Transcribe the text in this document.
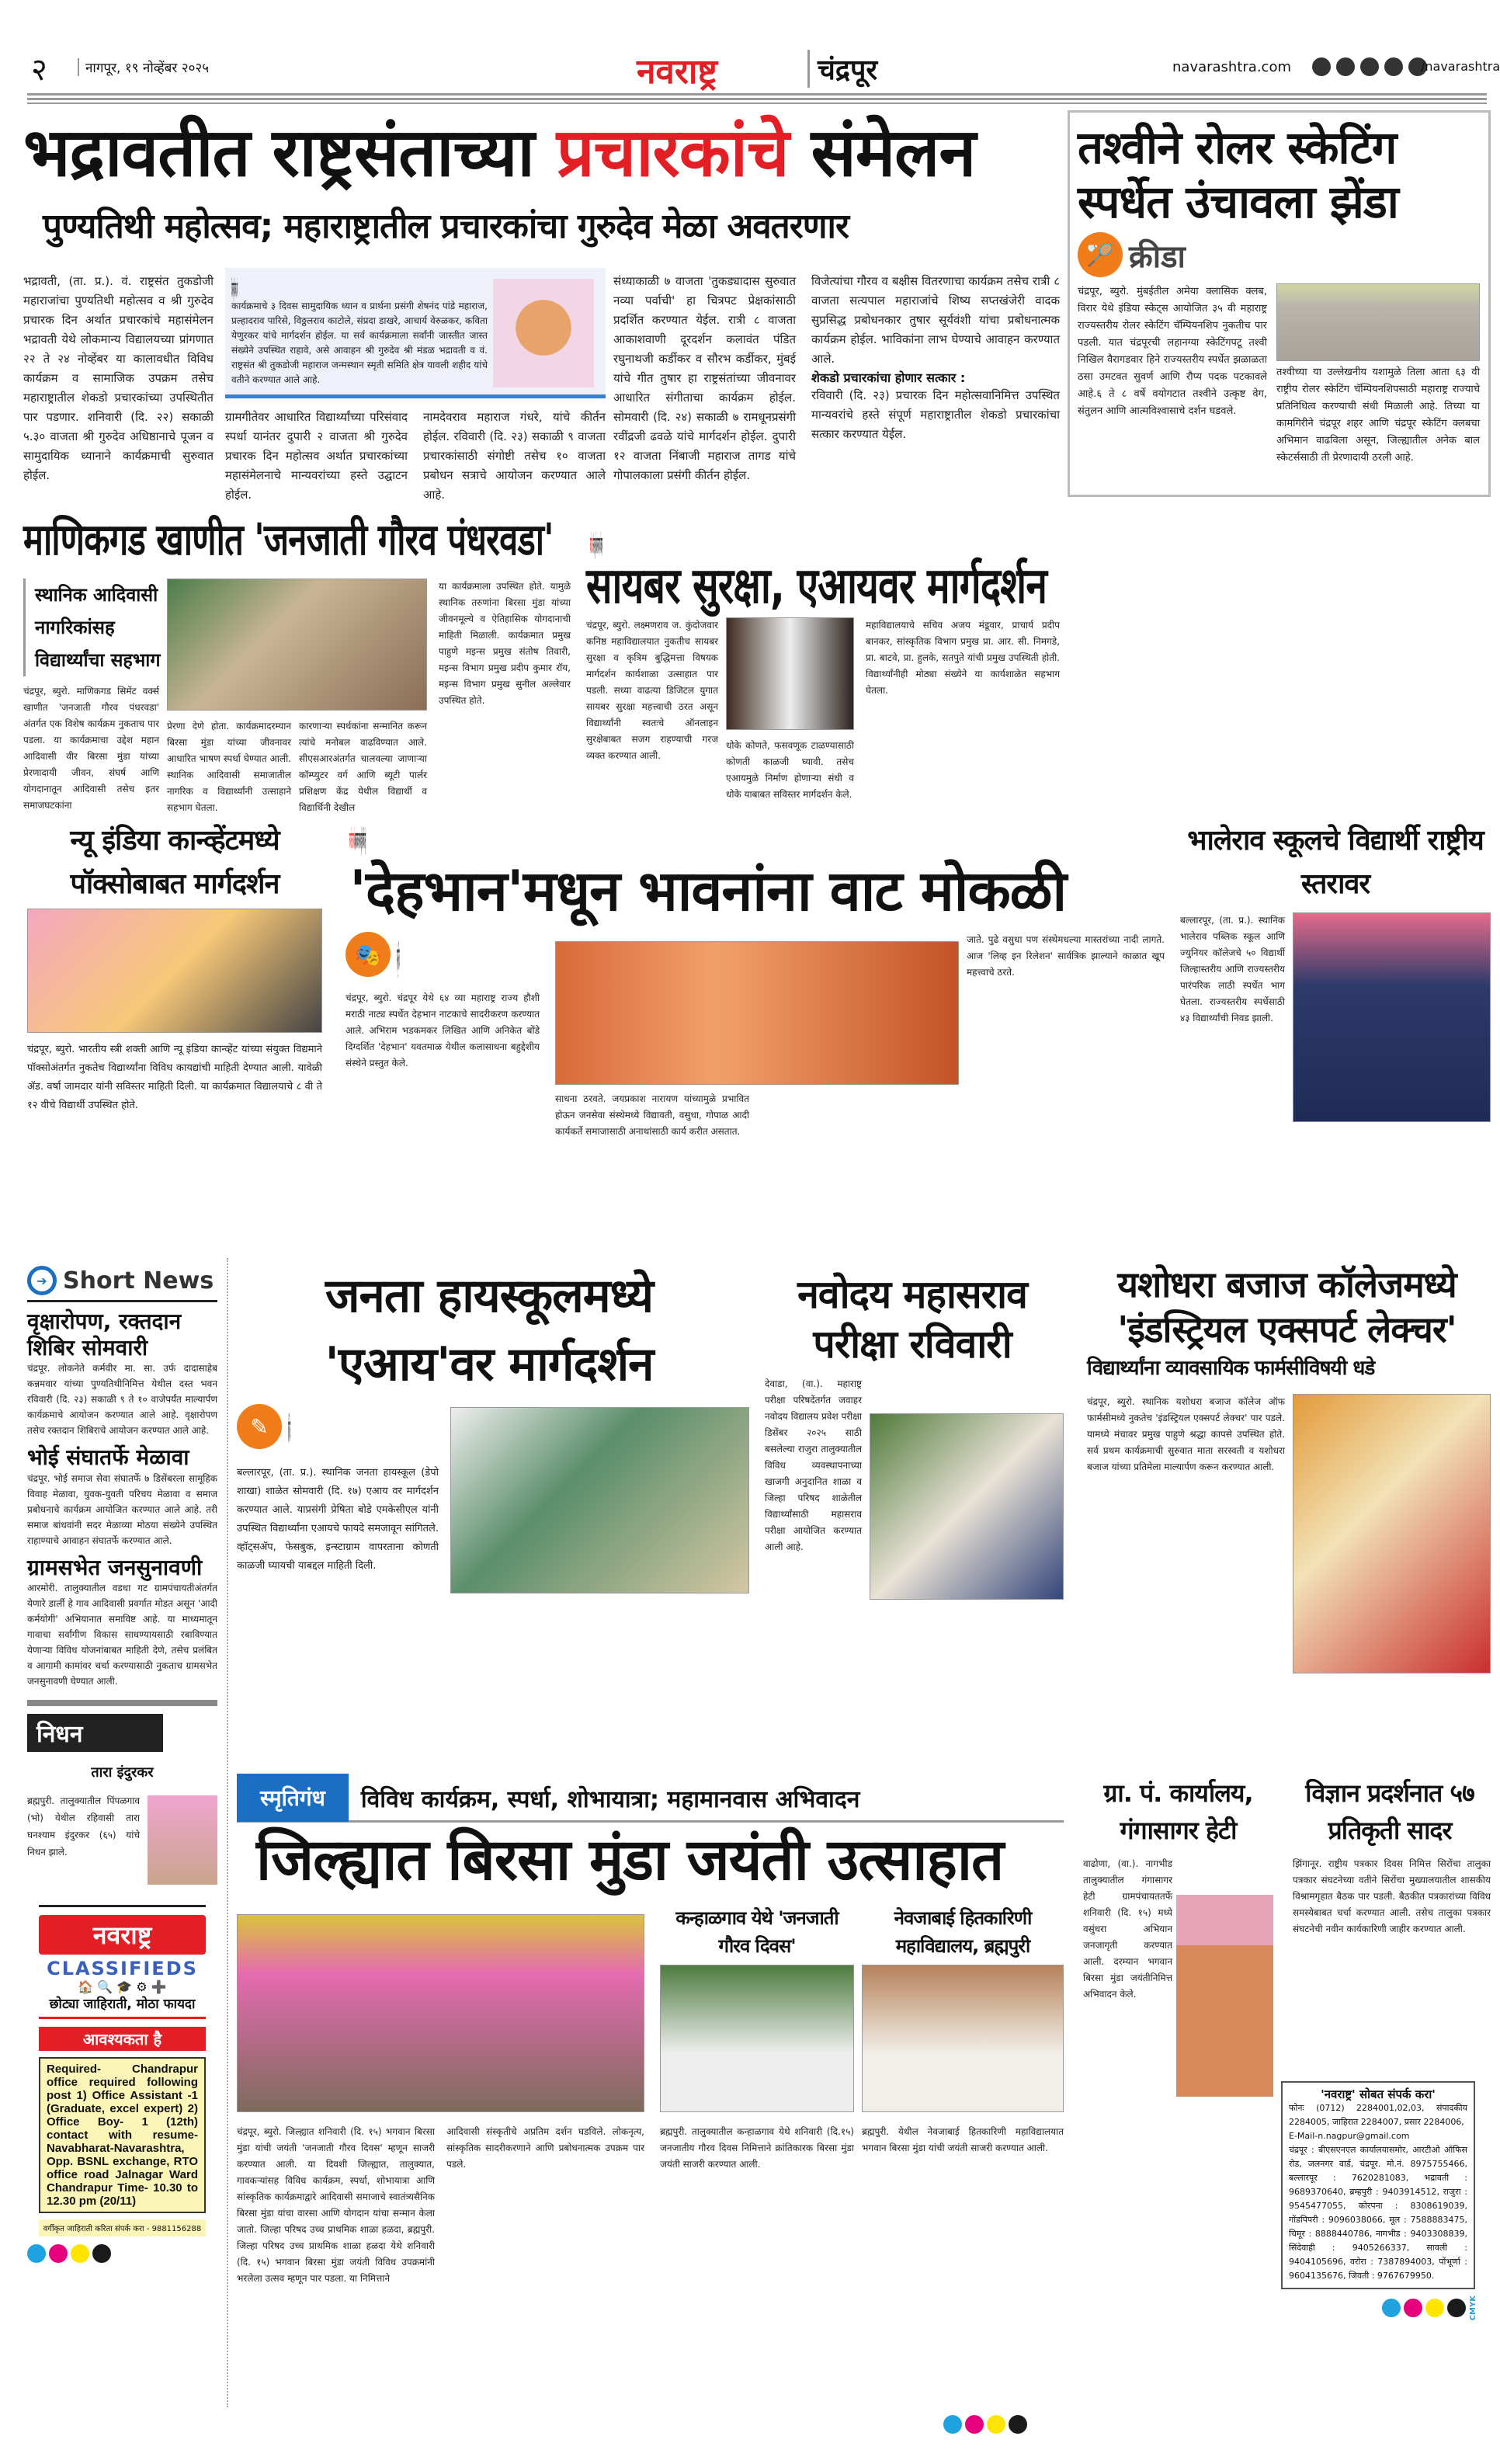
२	नागपूर, १९ नोव्हेंबर २०२५	नवराष्ट्र	चंद्रपूर	navarashtra.com	/navarashtra
भद्रावतीत राष्ट्रसंताच्या प्रचारकांचे संमेलन
पुण्यतिथी महोत्सव; महाराष्ट्रातील प्रचारकांचा गुरुदेव मेळा अवतरणार
भद्रावती, (ता. प्र.). वं. राष्ट्रसंत तुकडोजी महाराजांचा पुण्यतिथी महोत्सव व श्री गुरुदेव प्रचारक दिन अर्थात प्रचारकांचे महासंमेलन भद्रावती येथे लोकमान्य विद्यालयच्या प्रांगणात २२ ते २४ नोव्हेंबर या कालावधीत विविध कार्यक्रम व सामाजिक उपक्रम तसेच महाराष्ट्रातील शेकडो प्रचारकांच्या उपस्थितीत पार पडणार. शनिवारी (दि. २२) सकाळी ५.३० वाजता श्री गुरुदेव अधिष्ठानाचे पूजन व सामुदायिक ध्यानाने कार्यक्रमाची सुरुवात होईल.
३ दिवस सामुदायिक ध्यान, प्रार्थना
कार्यक्रमाचे ३ दिवस सामुदायिक ध्यान व प्रार्थना प्रसंगी शेषनंद पांडे महाराज, प्रल्हादराव पारिसे, विठ्ठलराव काटोले, संप्रदा डाखरे, आचार्य वेरुळकर, कविता येणुरकर यांचे मार्गदर्शन होईल. या सर्व कार्यक्रमाला सर्वांनी जास्तीत जास्त संख्येने उपस्थित राहावे, असे आवाहन श्री गुरुदेव श्री मंडळ भद्रावती व वं. राष्ट्रसंत श्री तुकडोजी महाराज जन्मस्थान स्मृती समिति क्षेत्र यावली शहीद यांचे वतीने करण्यात आले आहे.
ग्रामगीतेवर आधारित विद्यार्थ्यांच्या परिसंवाद स्पर्धा यानंतर दुपारी २ वाजता श्री गुरुदेव प्रचारक दिन महोत्सव अर्थात प्रचारकांच्या महासंमेलनाचे मान्यवरांच्या हस्ते उद्घाटन होईल.
नामदेवराव महाराज गंधरे, यांचे कीर्तन होईल. रविवारी (दि. २३) सकाळी ९ वाजता प्रचारकांसाठी संगोष्टी तसेच १० वाजता प्रबोधन सत्राचे आयोजन करण्यात आले आहे.
संध्याकाळी ७ वाजता 'तुकड्यादास सुरुवात नव्या पर्वाची' हा चित्रपट प्रेक्षकांसाठी प्रदर्शित करण्यात येईल. रात्री ८ वाजता आकाशवाणी दूरदर्शन कलावंत पंडित रघुनाथजी कर्डीकर व सौरभ कर्डीकर, मुंबई यांचे गीत तुषार हा राष्ट्रसंतांच्या जीवनावर आधारित संगीताचा कार्यक्रम होईल. सोमवारी (दि. २४) सकाळी ७ रामधूनप्रसंगी रवींद्रजी ढवळे यांचे मार्गदर्शन होईल. दुपारी १२ वाजता निंबाजी महाराज तागड यांचे गोपालकाला प्रसंगी कीर्तन होईल.
विजेत्यांचा गौरव व बक्षीस वितरणाचा कार्यक्रम तसेच रात्री ८ वाजता सत्यपाल महाराजांचे शिष्य सप्तखंजेरी वादक सुप्रसिद्ध प्रबोधनकार तुषार सूर्यवंशी यांचा प्रबोधनात्मक कार्यक्रम होईल. भाविकांना लाभ घेण्याचे आवाहन करण्यात आले.
शेकडो प्रचारकांचा होणार सत्कार :
रविवारी (दि. २३) प्रचारक दिन महोत्सवानिमित्त उपस्थित मान्यवरांचे हस्ते संपूर्ण महाराष्ट्रातील शेकडो प्रचारकांचा सत्कार करण्यात येईल.
तश्वीने रोलर स्केटिंग स्पर्धेत उंचावला झेंडा
🏸 क्रीडा
चंद्रपूर, ब्युरो. मुंबईतील अमेया क्लासिक क्लब, विरार येथे इंडिया स्केट्स आयोजित ३५ वी महाराष्ट्र राज्यस्तरीय रोलर स्केटिंग चॅम्पियनशिप नुकतीच पार पडली. यात चंद्रपूरची लहानग्या स्केटिंगपटू तश्वी निखिल वैरागडवार हिने राज्यस्तरीय स्पर्धेत झळाळता ठसा उमटवत सुवर्ण आणि रौप्य पदक पटकावले आहे.६ ते ८ वर्षे वयोगटात तश्वीने उत्कृष्ट वेग, संतुलन आणि आत्मविश्वासाचे दर्शन घडवले.
तश्वीच्या या उल्लेखनीय यशामुळे तिला आता ६३ वी राष्ट्रीय रोलर स्केटिंग चॅम्पियनशिपसाठी महाराष्ट्र राज्याचे प्रतिनिधित्व करण्याची संधी मिळाली आहे. तिच्या या कामगिरीने चंद्रपूर शहर आणि चंद्रपूर स्केटिंग क्लबचा अभिमान वाढविला असून, जिल्ह्यातील अनेक बाल स्केटर्ससाठी ती प्रेरणादायी ठरली आहे.
माणिकगड खाणीत 'जनजाती गौरव पंधरवडा'
स्थानिक आदिवासी
नागरिकांसह
विद्यार्थ्यांचा सहभाग
चंद्रपूर, ब्युरो. माणिकगड सिमेंट वर्क्स खाणीत 'जनजाती गौरव पंधरवडा' अंतर्गत एक विशेष कार्यक्रम नुकताच पार पडला. या कार्यक्रमाचा उद्देश महान आदिवासी वीर बिरसा मुंडा यांच्या प्रेरणादायी जीवन, संघर्ष आणि योगदानातून आदिवासी तसेच इतर समाजघटकांना
प्रेरणा देणे होता. कार्यक्रमादरम्यान बिरसा मुंडा यांच्या जीवनावर आधारित भाषण स्पर्धा घेण्यात आली. स्थानिक आदिवासी समाजातील नागरिक व विद्यार्थ्यांनी उत्साहाने सहभाग घेतला.
कारणाऱ्या स्पर्धकांना सन्मानित करून त्यांचे मनोबल वाढविण्यात आले. सीएसआरअंतर्गत चालवल्या जाणाऱ्या कॉम्प्युटर वर्ग आणि ब्यूटी पार्लर प्रशिक्षण केंद्र येथील विद्यार्थी व विद्यार्थिनी देखील
या कार्यक्रमाला उपस्थित होते. यामुळे स्थानिक तरुणांना बिरसा मुंडा यांच्या जीवनमूल्ये व ऐतिहासिक योगदानाची माहिती मिळाली. कार्यक्रमात प्रमुख पाहुणे मइन्स प्रमुख संतोष तिवारी, मइन्स विभाग प्रमुख प्रदीप कुमार रॉय, मइन्स विभाग प्रमुख सुनील अल्लेवार उपस्थित होते.
कार्यशाळा : ऑनलाइन सुरक्षेबाबत सजग राहण्याचे आवाहन
सायबर सुरक्षा, एआयवर मार्गदर्शन
चंद्रपूर, ब्युरो. लक्ष्मणराव ज. कुंदोजवार कनिष्ठ महाविद्यालयात नुकतीच सायबर सुरक्षा व कृत्रिम बुद्धिमत्ता विषयक मार्गदर्शन कार्यशाळा उत्साहात पार पडली. सध्या वाढत्या डिजिटल युगात सायबर सुरक्षा महत्त्वाची ठरत असून विद्यार्थ्यांनी स्वतःचे ऑनलाइन सुरक्षेबाबत सजग राहण्याची गरज व्यक्त करण्यात आली.
धोके कोणते, फसवणूक टाळण्यासाठी कोणती काळजी घ्यावी. तसेच एआयमुळे निर्माण होणाऱ्या संधी व धोके याबाबत सविस्तर मार्गदर्शन केले.
महाविद्यालयाचे सचिव अजय मंडूवार, प्राचार्य प्रदीप बानकर, सांस्कृतिक विभाग प्रमुख प्रा. आर. सी. निमगडे, प्रा. बाटवे, प्रा. हुलके, सतपुते यांची प्रमुख उपस्थिती होती. विद्यार्थ्यांनीही मोठ्या संख्येने या कार्यशाळेत सहभाग घेतला.
न्यू इंडिया कान्व्हेंटमध्ये पॉक्सोबाबत मार्गदर्शन
चंद्रपूर, ब्युरो. भारतीय स्त्री शक्ती आणि न्यू इंडिया कान्व्हेंट यांच्या संयुक्त विद्यमाने पॉक्सोअंतर्गत नुकतेच विद्यार्थ्यांना विविध कायद्यांची माहिती देण्यात आली. यावेळी ॲड. वर्षा जामदार यांनी सविस्तर माहिती दिली. या कार्यक्रमात विद्यालयाचे ८ वी ते १२ वीचे विद्यार्थी उपस्थित होते.
राज्य मराठी नाट्य स्पर्धा ● यवतमाळच्या कलासाधना बहुद्देशीय संस्थेची प्रस्तुती
'देहभान'मधून भावनांना वाट मोकळी
🎭 सांस्कृतिक
चंद्रपूर, ब्युरो. चंद्रपूर येथे ६४ व्या महाराष्ट्र राज्य हौशी मराठी नाट्य स्पर्धेत देहभान नाटकाचे सादरीकरण करण्यात आले. अभिराम भडकमकर लिखित आणि अनिकेत बोंडे दिग्दर्शित 'देहभान' यवतमाळ येथील कलासाधना बहुद्देशीय संस्थेने प्रस्तुत केले.
साधना ठरवते. जयप्रकाश नारायण यांच्यामुळे प्रभावित होऊन जनसेवा संस्थेमध्ये विद्यावती, वसुधा, गोपाळ आदी कार्यकर्ते समाजासाठी अनाथांसाठी कार्य करीत असतात.
जाते. पुढे वसुधा पण संस्थेमधल्या मास्तरांच्या नादी लागते. आज 'लिव्ह इन रिलेशन' सार्वत्रिक झाल्याने काळात खूप महत्त्वाचे ठरते.
भालेराव स्कूलचे विद्यार्थी राष्ट्रीय स्तरावर
बल्लारपूर, (ता. प्र.). स्थानिक भालेराव पब्लिक स्कूल आणि ज्युनियर कॉलेजचे ५० विद्यार्थी जिल्हास्तरीय आणि राज्यस्तरीय पारंपरिक लाठी स्पर्धेत भाग घेतला. राज्यस्तरीय स्पर्धेसाठी ४३ विद्यार्थ्यांची निवड झाली.
➔ Short News
वृक्षारोपण, रक्तदान शिबिर सोमवारी
चंद्रपूर. लोकनेते कर्मवीर मा. सा. उर्फ दादासाहेब कन्नमवार यांच्या पुण्यतिथीनिमित्त येथील दस्त भवन रविवारी (दि. २३) सकाळी ९ ते १० वाजेपर्यंत माल्यार्पण कार्यक्रमाचे आयोजन करण्यात आले आहे. वृक्षारोपण तसेच रक्तदान शिबिराचे आयोजन करण्यात आले आहे.
भोई संघातर्फे मेळावा
चंद्रपूर. भोई समाज सेवा संघातर्फे ७ डिसेंबरला सामूहिक विवाह मेळावा, युवक-युवती परिचय मेळावा व समाज प्रबोधनाचे कार्यक्रम आयोजित करण्यात आले आहे. तरी समाज बांधवांनी सदर मेळाव्या मोठया संख्येने उपस्थित राहाण्याचे आवाहन संघातर्फे करण्यात आले.
ग्रामसभेत जनसुनावणी
आरमोरी. तालुक्यातील वडधा गट ग्रामपंचायतीअंतर्गत येणारे डार्ली हे गाव आदिवासी प्रवर्गात मोडत असून 'आदी कर्मयोगी' अभियानात समाविष्ट आहे. या माध्यमातून गावाचा सर्वांगीण विकास साधण्यायसाठी रबाविण्यात येणाऱ्या विविध योजनांबाबत माहिती देणे, तसेच प्रलंबित व आगामी कामांवर चर्चा करण्यासाठी नुकताच ग्रामसभेत जनसुनावणी घेण्यात आली.
निधन
तारा इंदुरकर
ब्रह्मपुरी. तालुक्यातील पिंपळगाव (भो) येथील रहिवासी तारा घनश्याम इंदुरकर (६५) यांचे निधन झाले.
नवराष्ट्र
CLASSIFIEDS
🏠 🔍 🎓 ⚙ ➕
छोट्या जाहिराती, मोठा फायदा
आवश्यकता है
Required- Chandrapur office required following post 1) Office Assistant -1 (Graduate, excel expert) 2) Office Boy- 1 (12th) contact with resume- Navabharat-Navarashtra, Opp. BSNL exchange, RTO office road Jalnagar Ward Chandrapur Time- 10.30 to 12.30 pm (20/11)
वर्गीकृत जाहिराती करिता संपर्क करा - 9881156288
जनता हायस्कूलमध्ये 'एआय'वर मार्गदर्शन
✎ शैक्षणिक
बल्लारपूर, (ता. प्र.). स्थानिक जनता हायस्कूल (डेपो शाखा) शाळेत सोमवारी (दि. १७) एआय वर मार्गदर्शन करण्यात आले. याप्रसंगी प्रेषिता बोडे एमकेसीएल यांनी उपस्थित विद्यार्थ्यांना एआयचे फायदे समजावून सांगितले. व्हॉट्सॲप, फेसबुक, इन्स्टाग्राम वापरताना कोणती काळजी घ्यायची याबद्दल माहिती दिली.
नवोदय महासराव परीक्षा रविवारी
देवाडा, (वा.). महाराष्ट्र परीक्षा परिषदेंतर्गत जवाहर नवोदय विद्यालय प्रवेश परीक्षा डिसेंबर २०२५ साठी बसलेल्या राजुरा तालुक्यातील विविध व्यवस्थापनाच्या खाजगी अनुदानित शाळा व जिल्हा परिषद शाळेतील विद्यार्थ्यांसाठी महासराव परीक्षा आयोजित करण्यात आली आहे.
यशोधरा बजाज कॉलेजमध्ये 'इंडस्ट्रियल एक्सपर्ट लेक्चर'
विद्यार्थ्यांना व्यावसायिक फार्मसीविषयी धडे
चंद्रपूर, ब्युरो. स्थानिक यशोधरा बजाज कॉलेज ऑफ फार्मसीमध्ये नुकतेच 'इंडस्ट्रियल एक्सपर्ट लेक्चर' पार पडले. यामध्ये मंचावर प्रमुख पाहुणे श्रद्धा कापसे उपस्थित होते. सर्व प्रथम कार्यक्रमाची सुरुवात माता सरस्वती व यशोधरा बजाज यांच्या प्रतिमेला माल्यार्पण करून करण्यात आली.
स्मृतिगंध	विविध कार्यक्रम, स्पर्धा, शोभायात्रा; महामानवास अभिवादन
जिल्ह्यात बिरसा मुंडा जयंती उत्साहात
कन्हाळगाव येथे 'जनजाती गौरव दिवस'
नेवजाबाई हितकारिणी महाविद्यालय, ब्रह्मपुरी
चंद्रपूर, ब्युरो. जिल्ह्यात शनिवारी (दि. १५) भगवान बिरसा मुंडा यांची जयंती 'जनजाती गौरव दिवस' म्हणून साजरी करण्यात आली. या दिवशी जिल्ह्यात, तालुक्यात, गावकऱ्यांसह विविध कार्यक्रम, स्पर्धा, शोभायात्रा आणि सांस्कृतिक कार्यक्रमाद्वारे आदिवासी समाजाचे स्वातंत्र्यसैनिक बिरसा मुंडा यांचा वारसा आणि योगदान यांचा सन्मान केला जातो. जिल्हा परिषद उच्च प्राथमिक शाळा हळदा, ब्रह्मपुरी. जिल्हा परिषद उच्च प्राथमिक शाळा हळदा येथे शनिवारी (दि. १५) भगवान बिरसा मुंडा जयंती विविध उपक्रमांनी भरलेला उत्सव म्हणून पार पडला. या निमित्ताने
आदिवासी संस्कृतीचे अप्रतिम दर्शन घडविले. लोकनृत्य, सांस्कृतिक सादरीकरणाने आणि प्रबोधनात्मक उपक्रम पार पडले.
ब्रह्मपुरी. तालुक्यातील कन्हाळगाव येथे शनिवारी (दि.१५) जनजातीय गौरव दिवस निमित्ताने क्रांतिकारक बिरसा मुंडा जयंती साजरी करण्यात आली.
ब्रह्मपुरी. येथील नेवजाबाई हितकारिणी महाविद्यालयात भगवान बिरसा मुंडा यांची जयंती साजरी करण्यात आली.
ग्रा. पं. कार्यालय, गंगासागर हेटी
वाढोणा, (वा.). नागभीड तालुक्यातील गंगासागर हेटी ग्रामपंचायततर्फे शनिवारी (दि. १५) मध्ये वसुंधरा अभियान जनजागृती करण्यात आली. दरम्यान भगवान बिरसा मुंडा जयंतीनिमित्त अभिवादन केले.
विज्ञान प्रदर्शनात ५७ प्रतिकृती सादर
झिंगानूर. राष्ट्रीय पत्रकार दिवस निमित्त सिरोंचा तालुका पत्रकार संघटनेच्या वतीने सिरोंचा मुख्यालयातील शासकीय विश्रामगृहात बैठक पार पडली. बैठकीत पत्रकारांच्या विविध समस्येबाबत चर्चा करण्यात आली. तसेच तालुका पत्रकार संघटनेची नवीन कार्यकारिणी जाहीर करण्यात आली.
'नवराष्ट्र' सोबत संपर्क करा'
फोनः (0712) 2284001,02,03, संपादकीय 2284005, जाहिरात 2284007, प्रसार 2284006,
E-Mail-n.nagpur@gmail.com
चंद्रपूर : बीएसएनएल कार्यालयासमोर, आरटीओ ऑफिस रोड, जलनगर वार्ड, चंद्रपूर. मो.नं. 8975755466, बल्लारपूर : 7620281083, भद्रावती : 9689370640, ब्रम्हपुरी : 9403914512, राजुरा : 9545477055, कोरपना : 8308619039, गोंडपिपरी : 9096038066, मूल : 7588883475, चिमूर : 8888440786, नागभीड : 9403308839, सिंदेवाही : 9405266337, सावली : 9404105696, वरोरा : 7387894003, पोंभूर्णा : 9604135676, जिवती : 9767679950.
CMYK
